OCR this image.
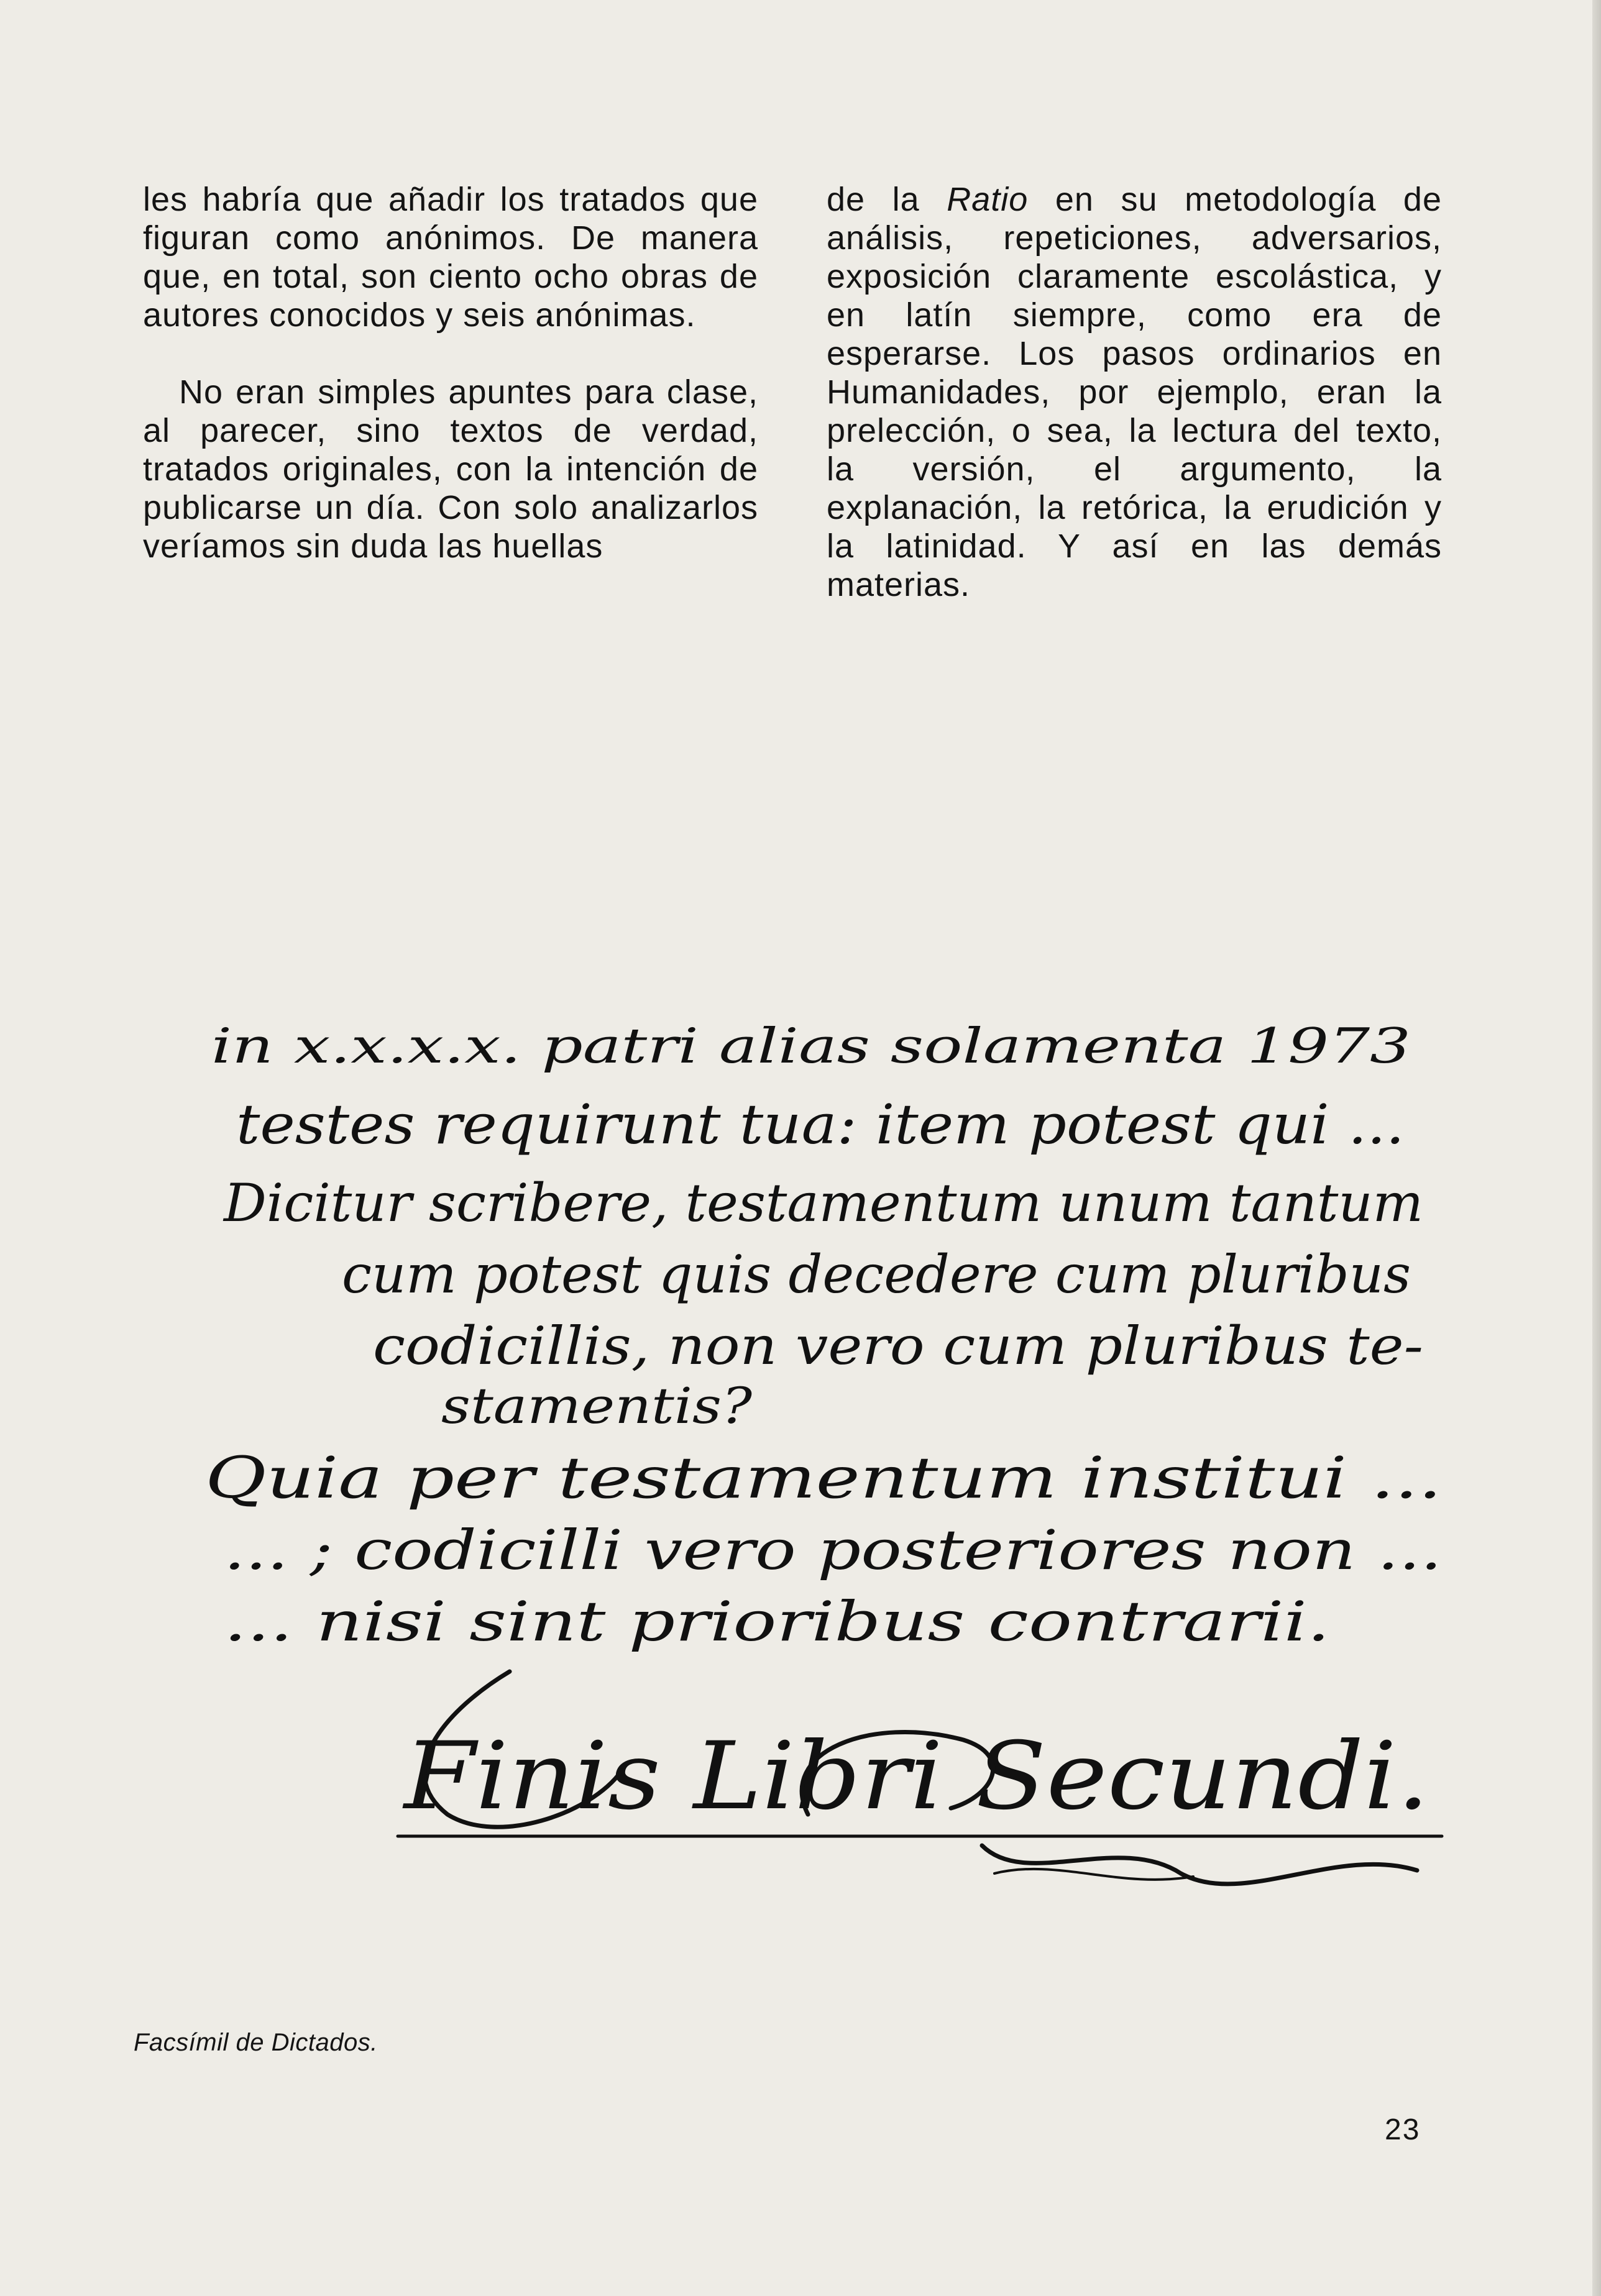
les habría que añadir los tratados que figuran como anónimos. De manera que, en total, son ciento ocho obras de autores conocidos y seis anónimas.

No eran simples apuntes para clase, al parecer, sino textos de verdad, tratados originales, con la intención de publicarse un día. Con solo analizarlos veríamos sin duda las huellas

de la Ratio en su metodología de análisis, repeticiones, adversarios, exposición claramente escolástica, y en latín siempre, como era de esperarse. Los pasos ordinarios en Humanidades, por ejemplo, eran la prelección, o sea, la lectura del texto, la versión, el argumento, la explanación, la retórica, la erudición y la latinidad. Y así en las demás materias.

in x.x.x.x. patri alias solamenta 1973
testes requirunt tua: item potest qui ...
Dicitur scribere, testamentum unum tantum
cum potest quis decedere cum pluribus
codicillis, non vero cum pluribus te-
stamentis?
Quia per testamentum institui ...
... ; codicilli vero posteriores non ...
... nisi sint prioribus contrarii.
Finis Libri Secundi.

Facsímil de Dictados.

23
